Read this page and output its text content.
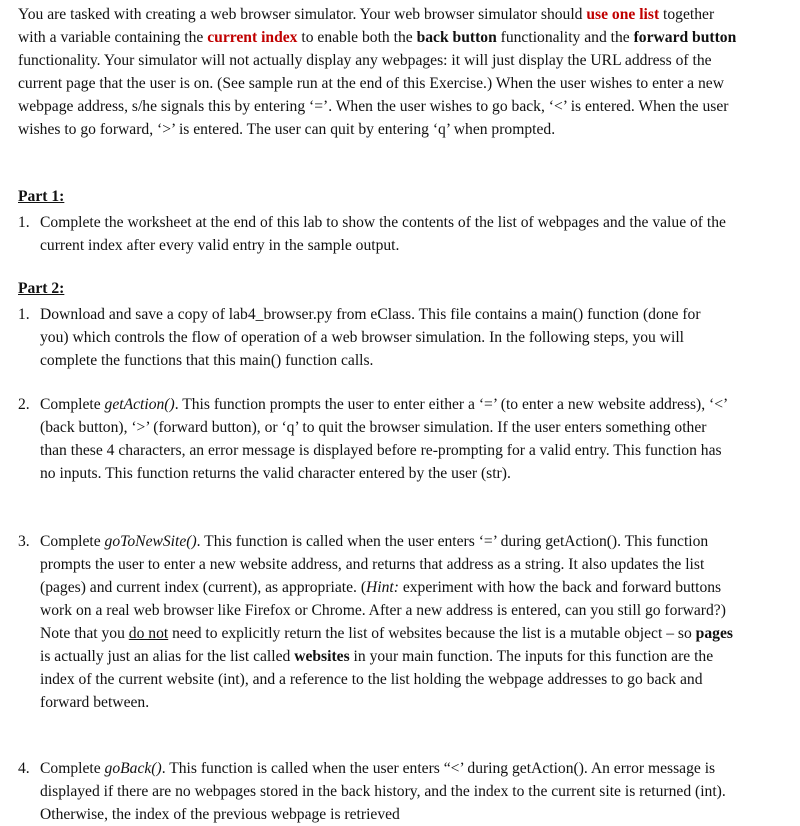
You are tasked with creating a web browser simulator. Your web browser simulator should use one list together with a variable containing the current index to enable both the back button functionality and the forward button functionality. Your simulator will not actually display any webpages: it will just display the URL address of the current page that the user is on. (See sample run at the end of this Exercise.) When the user wishes to enter a new webpage address, s/he signals this by entering ‘=’. When the user wishes to go back, ‘<’ is entered. When the user wishes to go forward, ‘>’ is entered. The user can quit by entering ‘q’ when prompted.
Part 1:
1. Complete the worksheet at the end of this lab to show the contents of the list of webpages and the value of the current index after every valid entry in the sample output.
Part 2:
1. Download and save a copy of lab4_browser.py from eClass. This file contains a main() function (done for you) which controls the flow of operation of a web browser simulation. In the following steps, you will complete the functions that this main() function calls.
2. Complete getAction(). This function prompts the user to enter either a ‘=’ (to enter a new website address), ‘<’ (back button), ‘>’ (forward button), or ‘q’ to quit the browser simulation. If the user enters something other than these 4 characters, an error message is displayed before re-prompting for a valid entry. This function has no inputs. This function returns the valid character entered by the user (str).
3. Complete goToNewSite(). This function is called when the user enters ‘=’ during getAction(). This function prompts the user to enter a new website address, and returns that address as a string. It also updates the list (pages) and current index (current), as appropriate. (Hint: experiment with how the back and forward buttons work on a real web browser like Firefox or Chrome. After a new address is entered, can you still go forward?) Note that you do not need to explicitly return the list of websites because the list is a mutable object – so pages is actually just an alias for the list called websites in your main function. The inputs for this function are the index of the current website (int), and a reference to the list holding the webpage addresses to go back and forward between.
4. Complete goBack(). This function is called when the user enters “<’ during getAction(). An error message is displayed if there are no webpages stored in the back history, and the index to the current site is returned (int). Otherwise, the index of the previous webpage is retrieved
